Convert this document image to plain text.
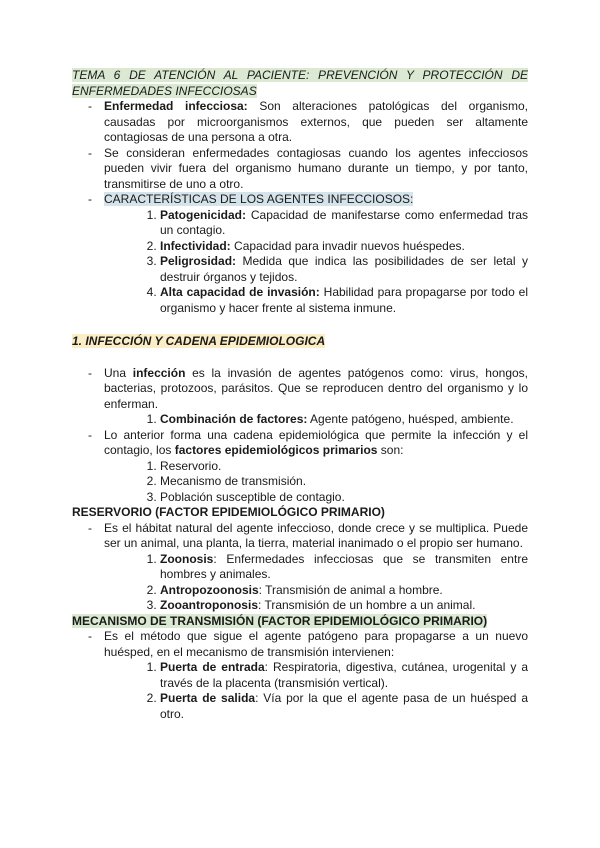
TEMA 6 DE ATENCIÓN AL PACIENTE: PREVENCIÓN Y PROTECCIÓN DE
ENFERMEDADES INFECCIOSAS
- Enfermedad infecciosa: Son alteraciones patológicas del organismo, causadas por microorganismos externos, que pueden ser altamente contagiosas de una persona a otra.
- Se consideran enfermedades contagiosas cuando los agentes infecciosos pueden vivir fuera del organismo humano durante un tiempo, y por tanto, transmitirse de uno a otro.
- CARACTERÍSTICAS DE LOS AGENTES INFECCIOSOS:
1. Patogenicidad: Capacidad de manifestarse como enfermedad tras un contagio.
2. Infectividad: Capacidad para invadir nuevos huéspedes.
3. Peligrosidad: Medida que indica las posibilidades de ser letal y destruir órganos y tejidos.
4. Alta capacidad de invasión: Habilidad para propagarse por todo el organismo y hacer frente al sistema inmune.
1. INFECCIÓN Y CADENA EPIDEMIOLOGICA
- Una infección es la invasión de agentes patógenos como: virus, hongos, bacterias, protozoos, parásitos. Que se reproducen dentro del organismo y lo enferman.
1. Combinación de factores: Agente patógeno, huésped, ambiente.
- Lo anterior forma una cadena epidemiológica que permite la infección y el contagio, los factores epidemiológicos primarios son:
1. Reservorio.
2. Mecanismo de transmisión.
3. Población susceptible de contagio.
RESERVORIO (FACTOR EPIDEMIOLÓGICO PRIMARIO)
- Es el hábitat natural del agente infeccioso, donde crece y se multiplica. Puede ser un animal, una planta, la tierra, material inanimado o el propio ser humano.
1. Zoonosis: Enfermedades infecciosas que se transmiten entre hombres y animales.
2. Antropozoonosis: Transmisión de animal a hombre.
3. Zooantroponosis: Transmisión de un hombre a un animal.
MECANISMO DE TRANSMISIÓN (FACTOR EPIDEMIOLÓGICO PRIMARIO)
- Es el método que sigue el agente patógeno para propagarse a un nuevo huésped, en el mecanismo de transmisión intervienen:
1. Puerta de entrada: Respiratoria, digestiva, cutánea, urogenital y a través de la placenta (transmisión vertical).
2. Puerta de salida: Vía por la que el agente pasa de un huésped a otro.
